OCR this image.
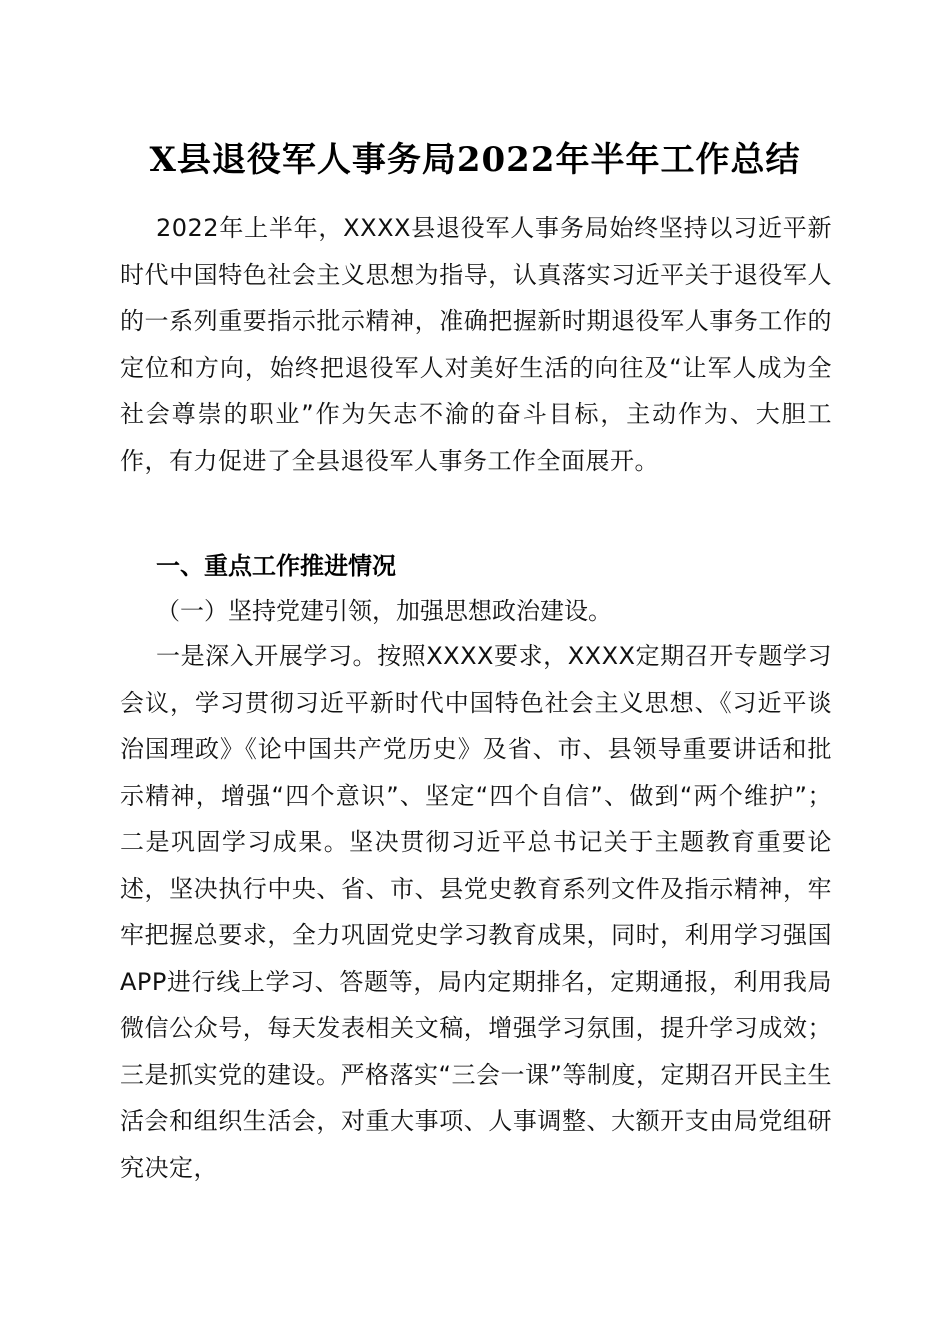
X县退役军人事务局2022年半年工作总结
2022年上半年，XXXX县退役军人事务局始终坚持以习近平新时代中国特色社会主义思想为指导，认真落实习近平关于退役军人的一系列重要指示批示精神，准确把握新时期退役军人事务工作的定位和方向，始终把退役军人对美好生活的向往及“让军人成为全社会尊崇的职业”作为矢志不渝的奋斗目标，主动作为、大胆工作，有力促进了全县退役军人事务工作全面展开。
一、重点工作推进情况
（一）坚持党建引领，加强思想政治建设。
一是深入开展学习。按照XXXX要求，XXXX定期召开专题学习会议，学习贯彻习近平新时代中国特色社会主义思想、《习近平谈治国理政》《论中国共产党历史》及省、市、县领导重要讲话和批示精神，增强“四个意识”、坚定“四个自信”、做到“两个维护”；二是巩固学习成果。坚决贯彻习近平总书记关于主题教育重要论述，坚决执行中央、省、市、县党史教育系列文件及指示精神，牢牢把握总要求，全力巩固党史学习教育成果，同时，利用学习强国APP进行线上学习、答题等，局内定期排名，定期通报，利用我局微信公众号，每天发表相关文稿，增强学习氛围，提升学习成效；三是抓实党的建设。严格落实“三会一课”等制度，定期召开民主生活会和组织生活会，对重大事项、人事调整、大额开支由局党组研究决定，
